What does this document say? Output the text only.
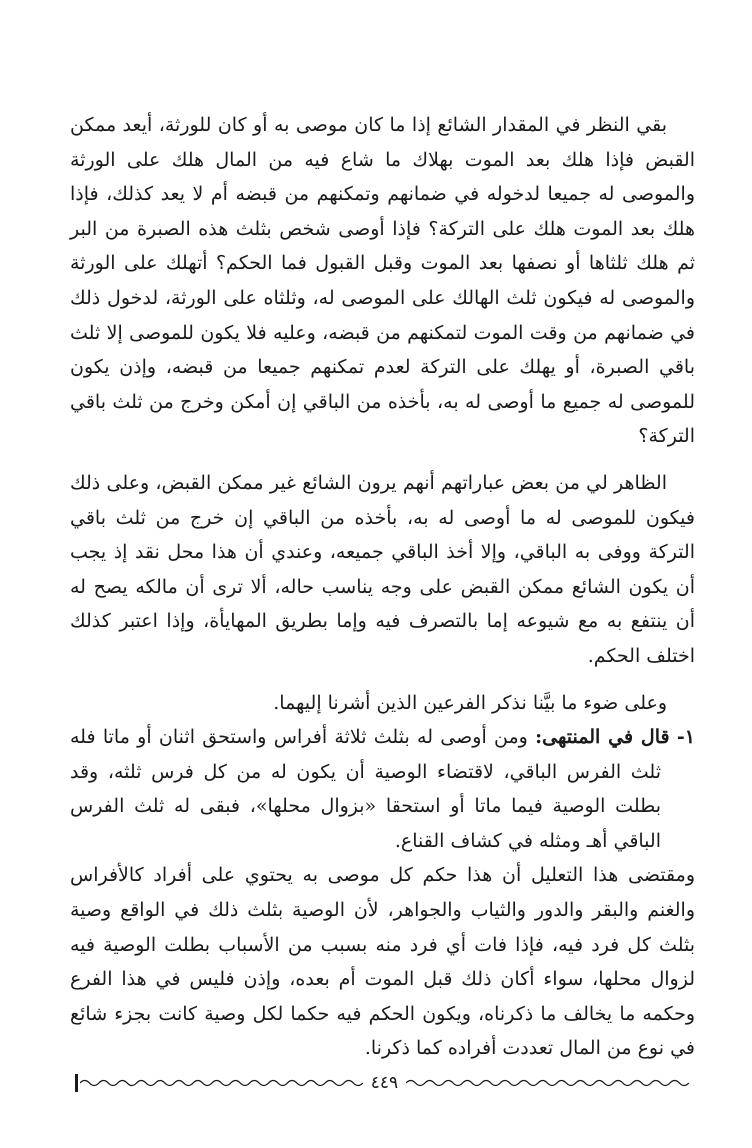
بقي النظر في المقدار الشائع إذا ما كان موصى به أو كان للورثة، أيعد ممكن القبض فإذا هلك بعد الموت بهلاك ما شاع فيه من المال هلك على الورثة والموصى له جميعا لدخوله في ضمانهم وتمكنهم من قبضه أم لا يعد كذلك، فإذا هلك بعد الموت هلك على التركة؟ فإذا أوصى شخص بثلث هذه الصبرة من البر ثم هلك ثلثاها أو نصفها بعد الموت وقبل القبول فما الحكم؟ أتهلك على الورثة والموصى له فيكون ثلث الهالك على الموصى له، وثلثاه على الورثة، لدخول ذلك في ضمانهم من وقت الموت لتمكنهم من قبضه، وعليه فلا يكون للموصى إلا ثلث باقي الصبرة، أو يهلك على التركة لعدم تمكنهم جميعا من قبضه، وإذن يكون للموصى له جميع ما أوصى له به، بأخذه من الباقي إن أمكن وخرج من ثلث باقي التركة؟

الظاهر لي من بعض عباراتهم أنهم يرون الشائع غير ممكن القبض، وعلى ذلك فيكون للموصى له ما أوصى له به، بأخذه من الباقي إن خرج من ثلث باقي التركة ووفى به الباقي، وإلا أخذ الباقي جميعه، وعندي أن هذا محل نقد إذ يجب أن يكون الشائع ممكن القبض على وجه يناسب حاله، ألا ترى أن مالكه يصح له أن ينتفع به مع شيوعه إما بالتصرف فيه وإما بطريق المهايأة، وإذا اعتبر كذلك اختلف الحكم.

وعلى ضوء ما بيَّنا نذكر الفرعين الذين أشرنا إليهما.

١- قال في المنتهى: ومن أوصى له بثلث ثلاثة أفراس واستحق اثنان أو ماتا فله ثلث الفرس الباقي، لاقتضاء الوصية أن يكون له من كل فرس ثلثه، وقد بطلت الوصية فيما ماتا أو استحقا «بزوال محلها»، فبقى له ثلث الفرس الباقي أهـ ومثله في كشاف القناع.

ومقتضى هذا التعليل أن هذا حكم كل موصى به يحتوي على أفراد كالأفراس والغنم والبقر والدور والثياب والجواهر، لأن الوصية بثلث ذلك في الواقع وصية بثلث كل فرد فيه، فإذا فات أي فرد منه بسبب من الأسباب بطلت الوصية فيه لزوال محلها، سواء أكان ذلك قبل الموت أم بعده، وإذن فليس في هذا الفرع وحكمه ما يخالف ما ذكرناه، ويكون الحكم فيه حكما لكل وصية كانت بجزء شائع في نوع من المال تعددت أفراده كما ذكرنا.

٤٤٩
